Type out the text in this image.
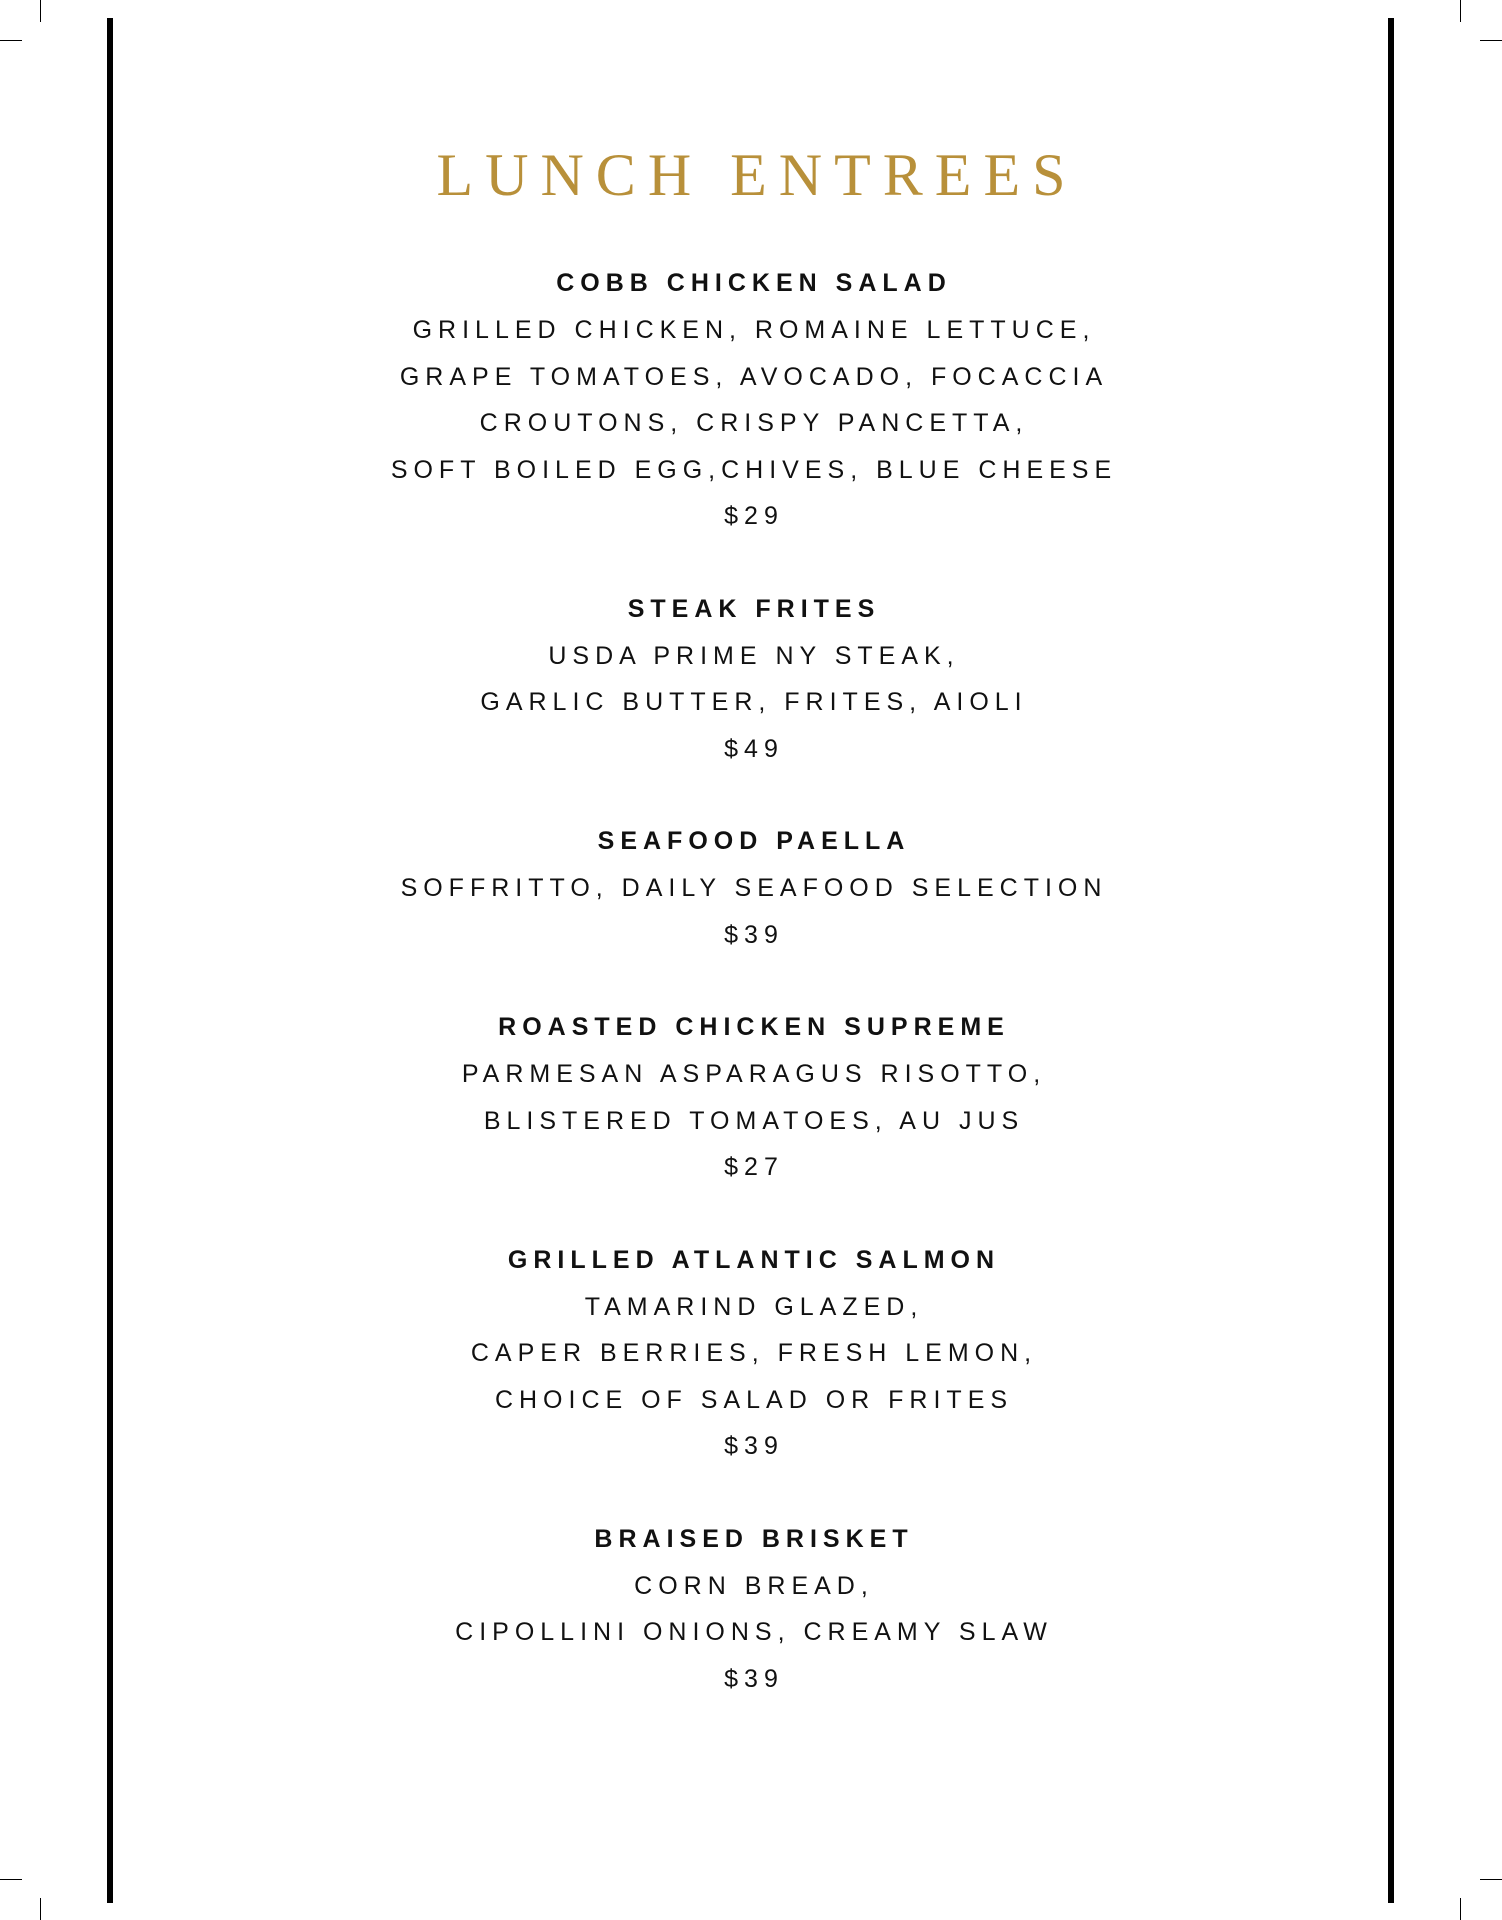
LUNCH ENTREES
COBB CHICKEN SALAD
GRILLED CHICKEN, ROMAINE LETTUCE,
GRAPE TOMATOES, AVOCADO, FOCACCIA
CROUTONS, CRISPY PANCETTA,
SOFT BOILED EGG,CHIVES, BLUE CHEESE
$29
STEAK FRITES
USDA PRIME NY STEAK,
GARLIC BUTTER, FRITES, AIOLI
$49
SEAFOOD PAELLA
SOFFRITTO, DAILY SEAFOOD SELECTION
$39
ROASTED CHICKEN SUPREME
PARMESAN ASPARAGUS RISOTTO,
BLISTERED TOMATOES, AU JUS
$27
GRILLED ATLANTIC SALMON
TAMARIND GLAZED,
CAPER BERRIES, FRESH LEMON,
CHOICE OF SALAD OR FRITES
$39
BRAISED BRISKET
CORN BREAD,
CIPOLLINI ONIONS, CREAMY SLAW
$39
